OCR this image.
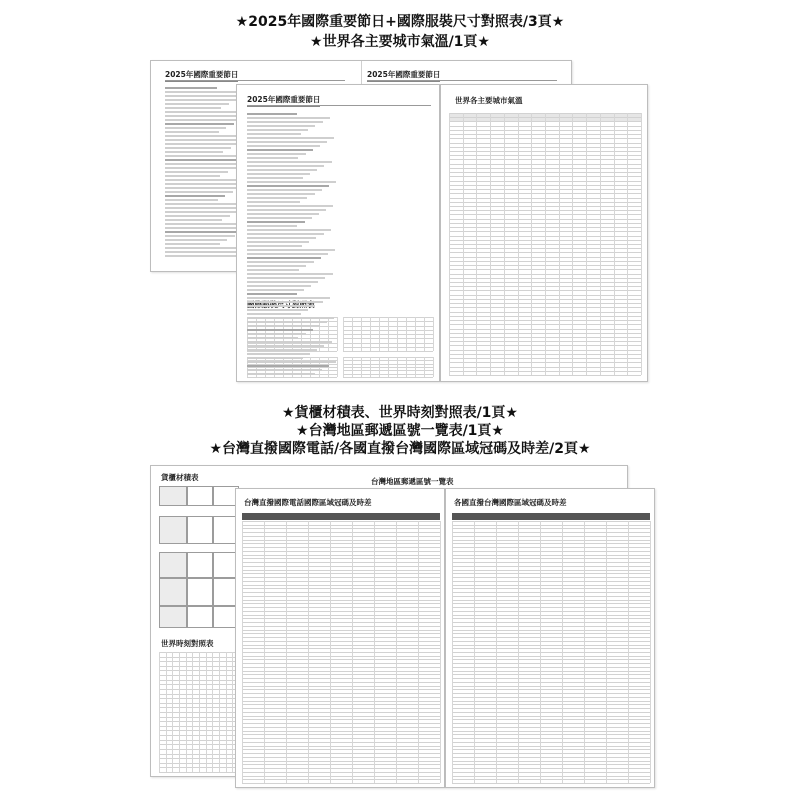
★2025年國際重要節日+國際服裝尺寸對照表/3頁★
★世界各主要城市氣溫/1頁★
2025年國際重要節日	2025年國際重要節日
2025年國際重要節日	世界各主要城市氣溫
★貨櫃材積表、世界時刻對照表/1頁★
★台灣地區郵遞區號一覽表/1頁★
★台灣直撥國際電話/各國直撥台灣國際區域冠碼及時差/2頁★
貨櫃材積表
世界時刻對照表
台灣地區郵遞區號一覽表
台灣直撥國際電話國際區域冠碼及時差	各國直撥台灣國際區域冠碼及時差
